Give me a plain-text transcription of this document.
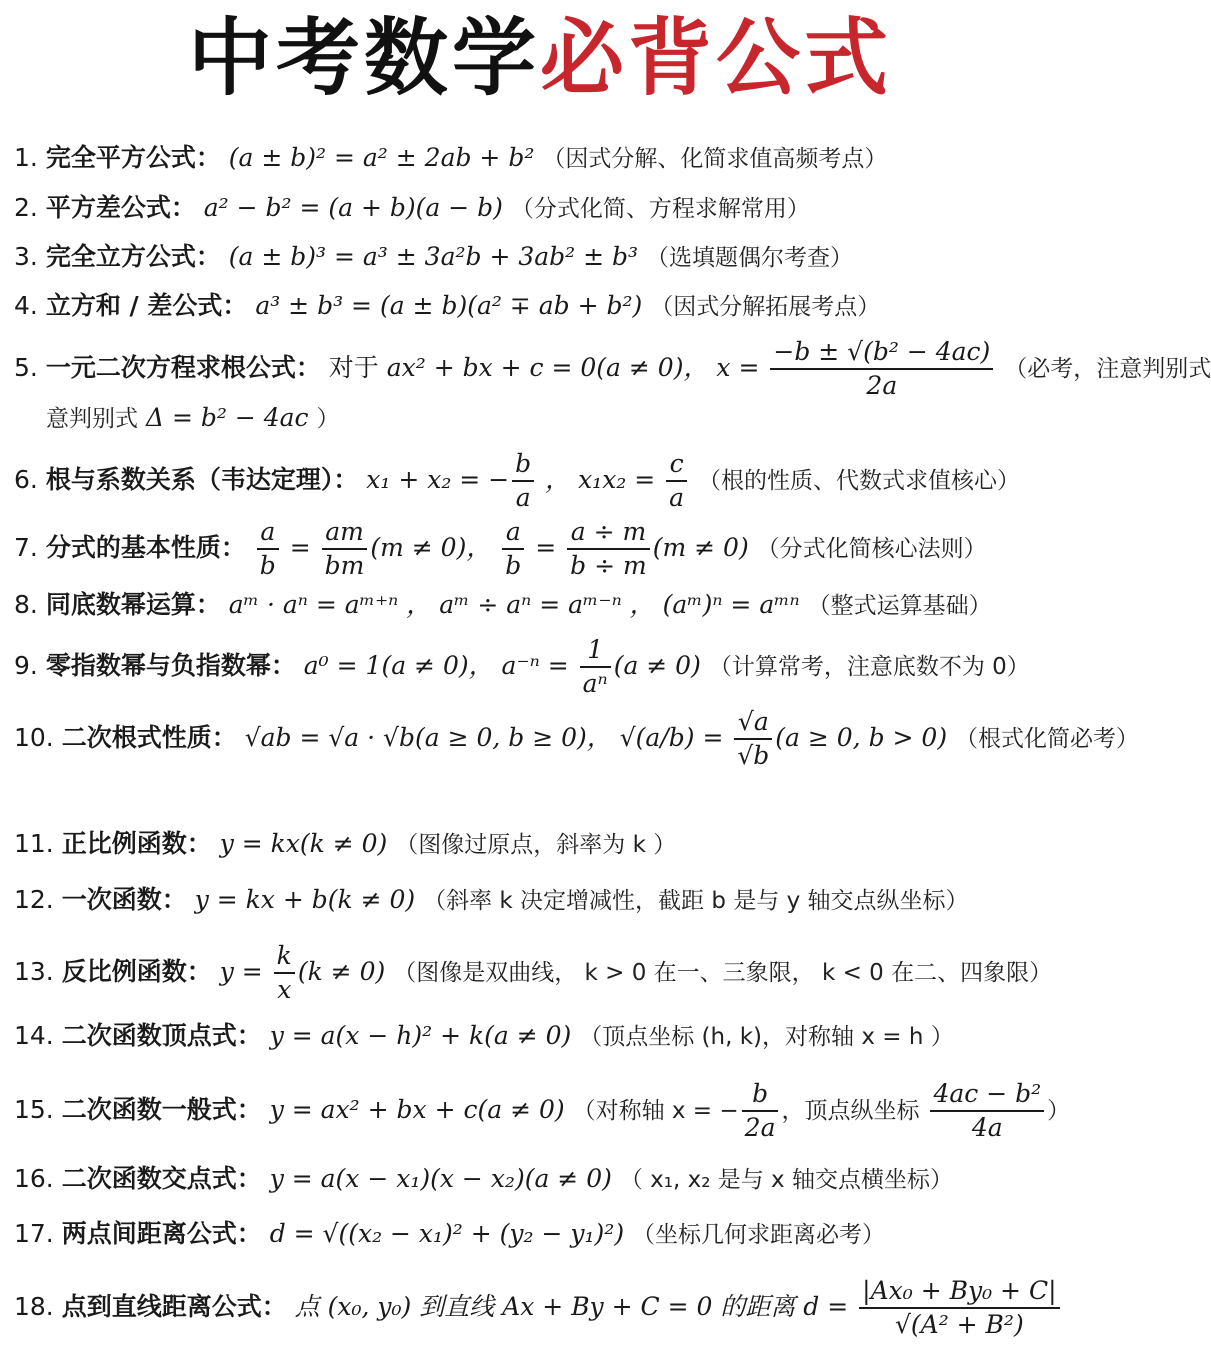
中考数学必背公式
1. 完全平方公式： (a ± b)² = a² ± 2ab + b² （因式分解、化简求值高频考点）
2. 平方差公式： a² − b² = (a + b)(a − b) （分式化简、方程求解常用）
3. 完全立方公式： (a ± b)³ = a³ ± 3a²b + 3ab² ± b³ （选填题偶尔考查）
4. 立方和 / 差公式： a³ ± b³ = (a ± b)(a² ∓ ab + b²) （因式分解拓展考点）
5. 一元二次方程求根公式： 对于 ax² + bx + c = 0(a ≠ 0)， $x = \frac{\text{−b ± √(b² − 4ac)}}{2a}$ （必考，注意判别式
意判别式 Δ = b² − 4ac ）
6. 根与系数关系（韦达定理）： x₁ + x₂ = − $\frac{b}{a}$ ， $x_1x_2 = \frac{c}{a}$ （根的性质、代数式求值核心）
7. 分式的基本性质： $\frac{a}{b} = \frac{am}{bm} (m \ne 0)$， $\frac{a}{b} = \frac{a \div m}{b \div m} (m \ne 0)$ （分式化简核心法则）
8. 同底数幂运算： aᵐ · aⁿ = aᵐ⁺ⁿ ， aᵐ ÷ aⁿ = aᵐ⁻ⁿ ， (aᵐ)ⁿ = aᵐⁿ （整式运算基础）
9. 零指数幂与负指数幂： a⁰ = 1(a ≠ 0)， $a^{-n} = \frac{1}{\text{aⁿ}} (a \ne 0)$ （计算常考，注意底数不为 0）
10. 二次根式性质： √ab = √a · √b(a ≥ 0, b ≥ 0)， $√(a/b) = \frac{√a}{√b} (a \ge 0$, b > 0) （根式化简必考）
11. 正比例函数： y = kx(k ≠ 0) （图像过原点，斜率为 k ）
12. 一次函数： y = kx + b(k ≠ 0) （斜率 k 决定增减性，截距 b 是与 y 轴交点纵坐标）
13. 反比例函数： $y = \frac{k}{x} (k \ne 0)$ （图像是双曲线， k > 0 在一、三象限， k < 0 在二、四象限）
14. 二次函数顶点式： y = a(x − h)² + k(a ≠ 0) （顶点坐标 (h, k)，对称轴 x = h ）
15. 二次函数一般式： y = ax² + bx + c(a ≠ 0) （对称轴 x = − $\frac{b}{2a}$ ，顶点纵坐标 $\frac{\text{4ac − b²}}{4a}$ ）
16. 二次函数交点式： y = a(x − x₁)(x − x₂)(a ≠ 0) （ x₁, x₂ 是与 x 轴交点横坐标）
17. 两点间距离公式： d = √((x₂ − x₁)² + (y₂ − y₁)²) （坐标几何求距离必考）
18. 点到直线距离公式： 点 (x₀, y₀) 到直线 Ax + By + C = 0 的距离 $d = \frac{\text{|Ax₀ + By₀ + C|}}{\text{√(A² + B²)}}$
